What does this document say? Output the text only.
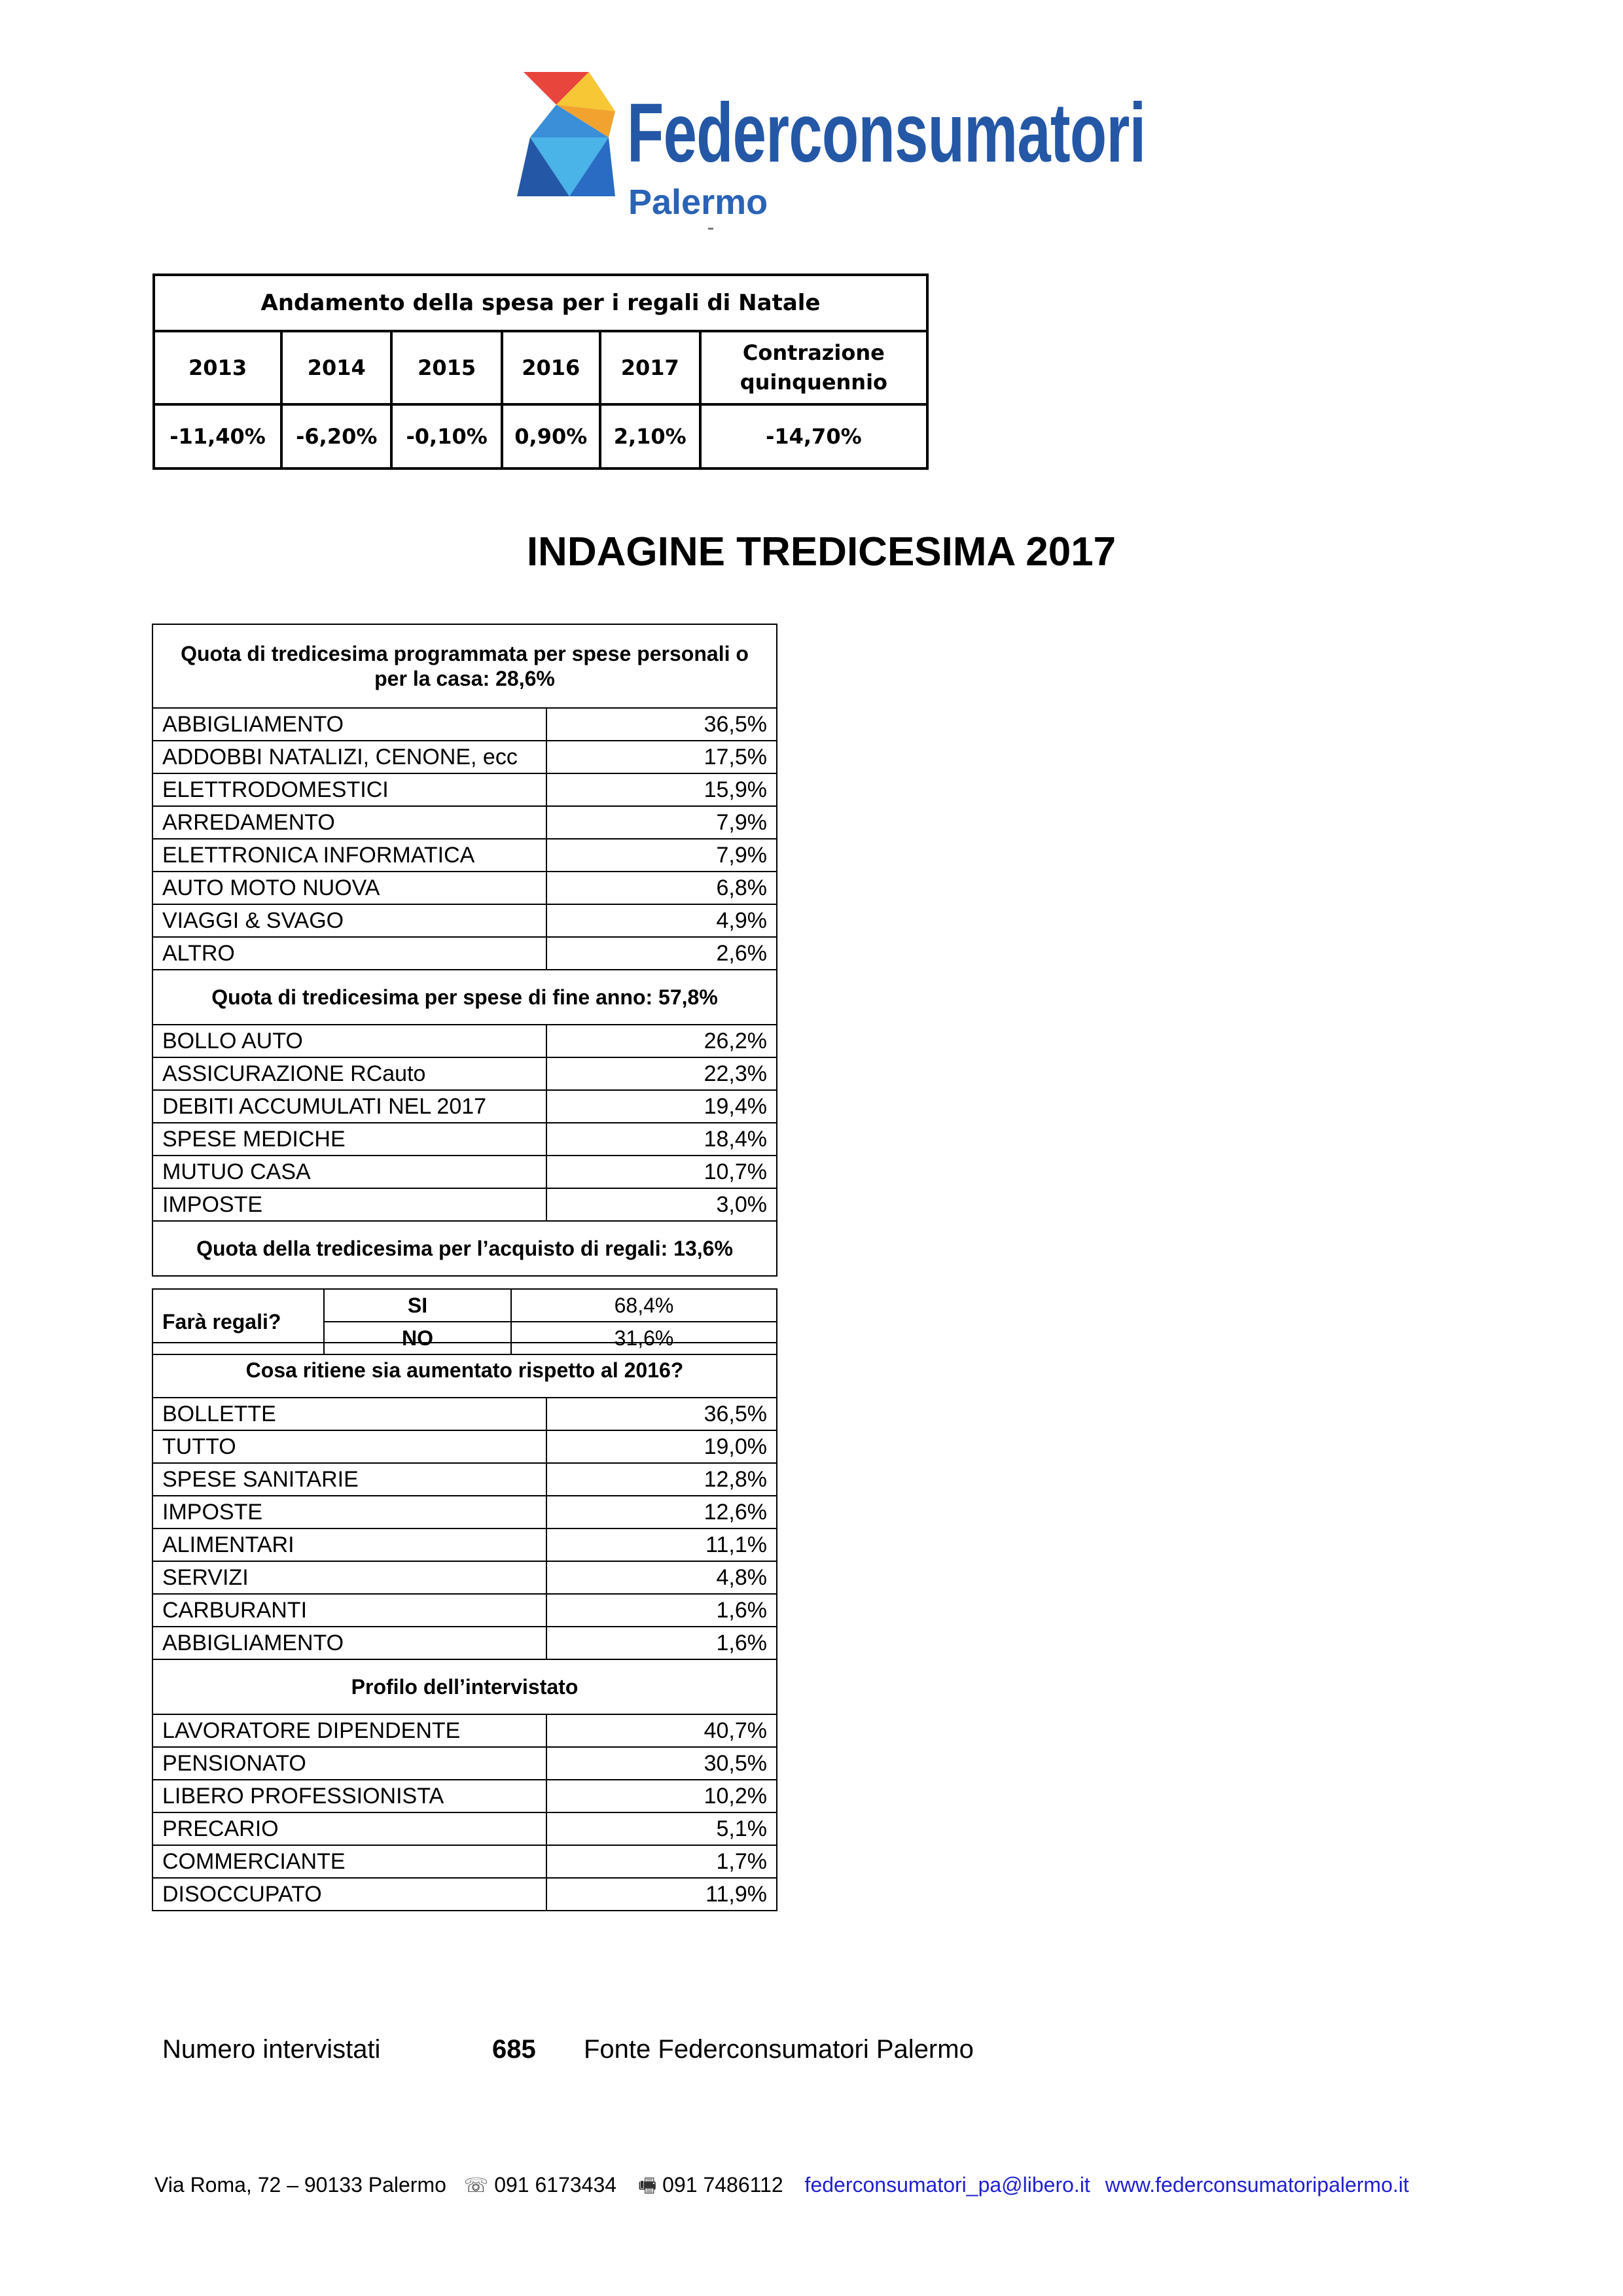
Federconsumatori
Palermo
Andamento della spesa per i regali di Natale					
2013	2014	2015	2016	2017	Contrazione quinquennio
-11,40%	-6,20%	-0,10%	0,90%	2,10%	-14,70%
INDAGINE TREDICESIMA 2017
Quota di tredicesima programmata per spese personali o per la casa: 28,6%	
ABBIGLIAMENTO	36,5%
ADDOBBI NATALIZI, CENONE, ecc	17,5%
ELETTRODOMESTICI	15,9%
ARREDAMENTO	7,9%
ELETTRONICA INFORMATICA	7,9%
AUTO MOTO NUOVA	6,8%
VIAGGI & SVAGO	4,9%
ALTRO	2,6%
Quota di tredicesima per spese di fine anno: 57,8%	
BOLLO AUTO	26,2%
ASSICURAZIONE RCauto	22,3%
DEBITI ACCUMULATI NEL 2017	19,4%
SPESE MEDICHE	18,4%
MUTUO CASA	10,7%
IMPOSTE	3,0%
Quota della tredicesima per l’acquisto di regali: 13,6%	

Cosa ritiene sia aumentato rispetto al 2016?	
BOLLETTE	36,5%
TUTTO	19,0%
SPESE SANITARIE	12,8%
IMPOSTE	12,6%
ALIMENTARI	11,1%
SERVIZI	4,8%
CARBURANTI	1,6%
ABBIGLIAMENTO	1,6%
Profilo dell’intervistato	
LAVORATORE DIPENDENTE	40,7%
PENSIONATO	30,5%
LIBERO PROFESSIONISTA	10,2%
PRECARIO	5,1%
COMMERCIANTE	1,7%
DISOCCUPATO	11,9%
Farà regali?	SI	68,4%
	NO	31,6%
Numero intervistati	685 Fonte Federconsumatori Palermo
Via Roma, 72 – 90133 Palermo ☏ 091 6173434 🖷 091 7486112 federconsumatori_pa@libero.it www.federconsumatoripalermo.it
